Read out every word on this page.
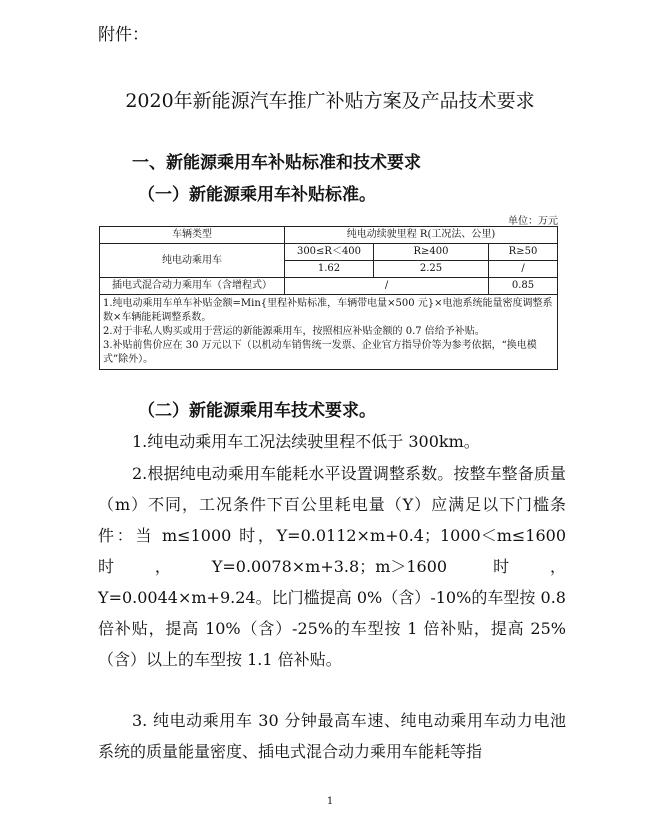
附件：
2020年新能源汽车推广补贴方案及产品技术要求
一、新能源乘用车补贴标准和技术要求
（一）新能源乘用车补贴标准。
单位：万元
车辆类型	纯电动续驶里程 R(工况法、公里)		
纯电动乘用车	300≤R＜400	R≥400	R≥50
	1.62	2.25	/
插电式混合动力乘用车（含增程式）	/		0.85

1.纯电动乘用车单车补贴金额=Min{里程补贴标准，车辆带电量×500 元}×电池系统能量密度调整系数×车辆能耗调整系数。
2.对于非私人购买或用于营运的新能源乘用车，按照相应补贴金额的 0.7 倍给予补贴。
3.补贴前售价应在 30 万元以下（以机动车销售统一发票、企业官方指导价等为参考依据，“换电模式”除外）。			
（二）新能源乘用车技术要求。
1.纯电动乘用车工况法续驶里程不低于 300km。
2.根据纯电动乘用车能耗水平设置调整系数。按整车整备质量（m）不同，工况条件下百公里耗电量（Y）应满足以下门槛条件：当 m≤1000 时，Y=0.0112×m+0.4；1000＜m≤1600 时，Y=0.0078×m+3.8；m＞1600 时，Y=0.0044×m+9.24。比门槛提高 0%（含）-10%的车型按 0.8 倍补贴，提高 10%（含）-25%的车型按 1 倍补贴，提高 25%（含）以上的车型按 1.1 倍补贴。
3. 纯电动乘用车 30 分钟最高车速、纯电动乘用车动力电池系统的质量能量密度、插电式混合动力乘用车能耗等指
1
